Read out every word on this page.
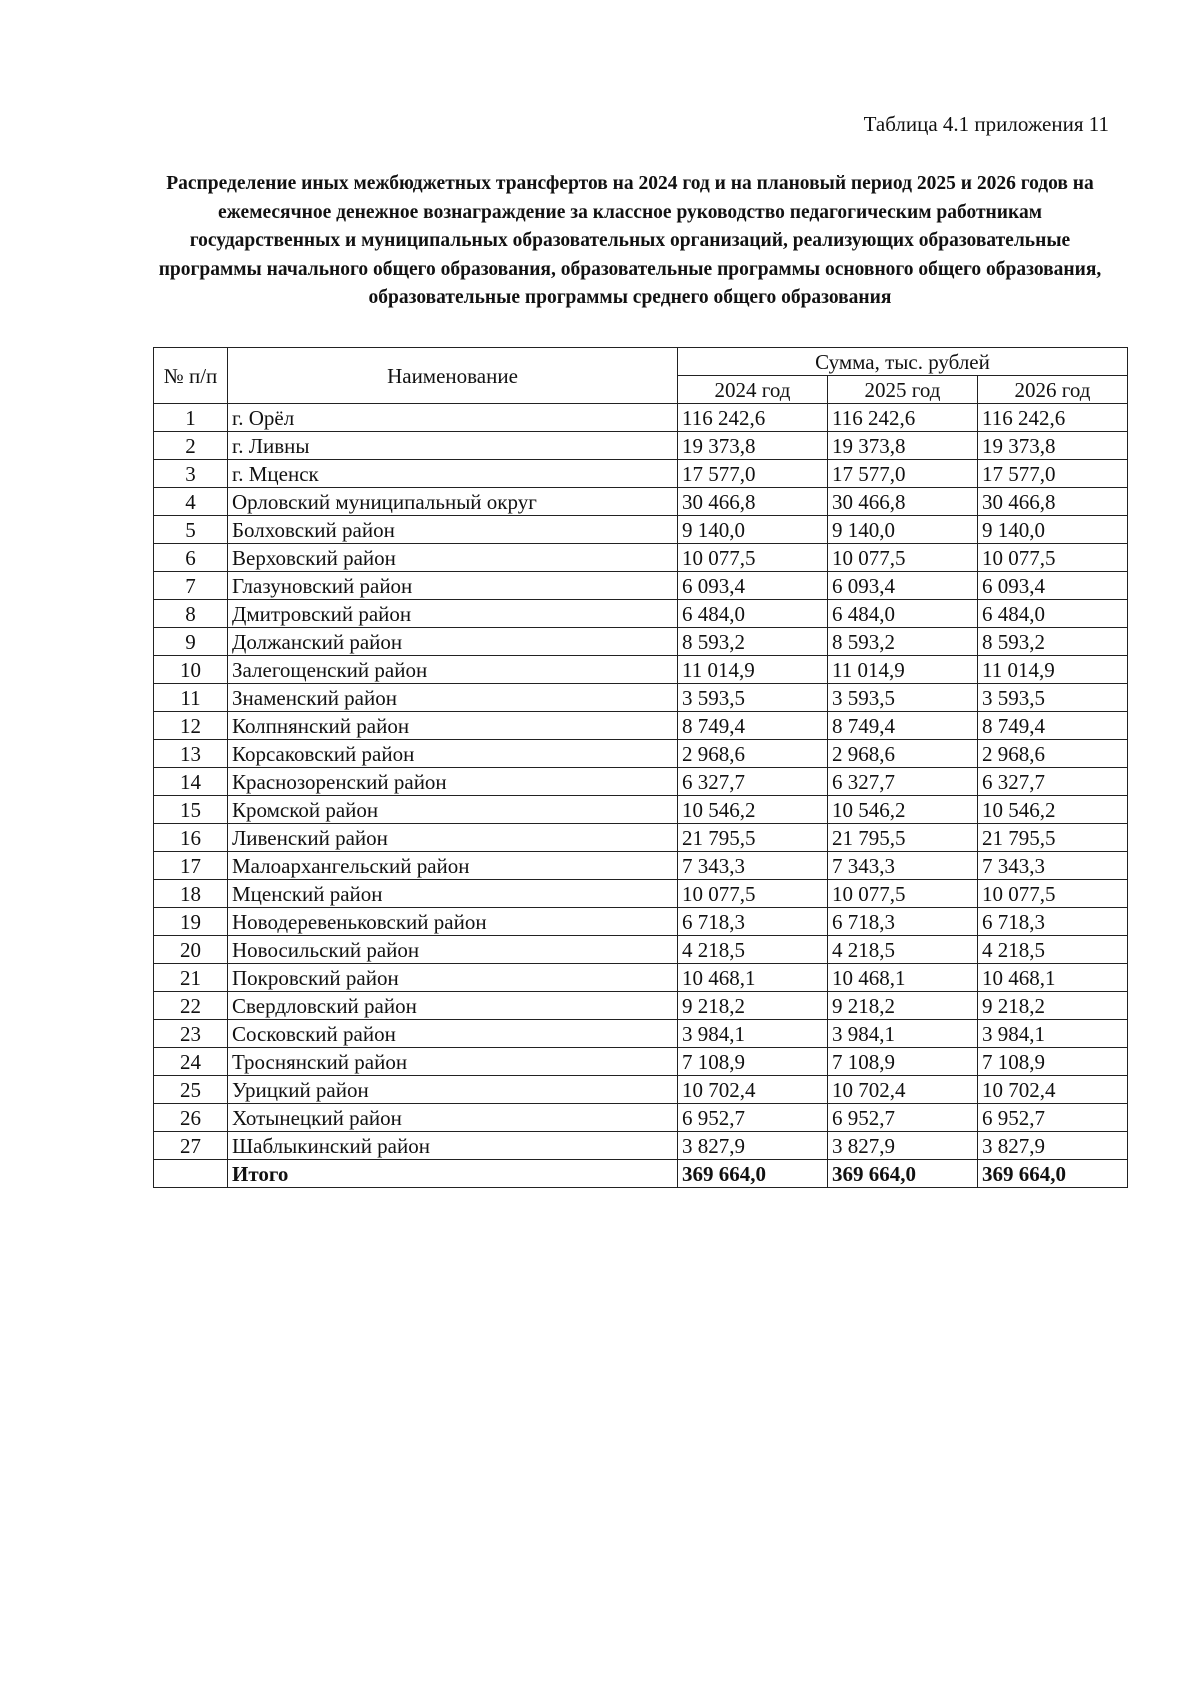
Таблица 4.1 приложения 11

Распределение иных межбюджетных трансфертов на 2024 год и на плановый период 2025 и 2026 годов на ежемесячное денежное вознаграждение за классное руководство педагогическим работникам государственных и муниципальных образовательных организаций, реализующих образовательные программы начального общего образования, образовательные программы основного общего образования, образовательные программы среднего общего образования

№ п/п	Наименование	Сумма, тыс. рублей		
		2024 год	2025 год	2026 год
1	г. Орёл	116 242,6	116 242,6	116 242,6
2	г. Ливны	19 373,8	19 373,8	19 373,8
3	г. Мценск	17 577,0	17 577,0	17 577,0
4	Орловский муниципальный округ	30 466,8	30 466,8	30 466,8
5	Болховский район	9 140,0	9 140,0	9 140,0
6	Верховский район	10 077,5	10 077,5	10 077,5
7	Глазуновский район	6 093,4	6 093,4	6 093,4
8	Дмитровский район	6 484,0	6 484,0	6 484,0
9	Должанский район	8 593,2	8 593,2	8 593,2
10	Залегощенский район	11 014,9	11 014,9	11 014,9
11	Знаменский район	3 593,5	3 593,5	3 593,5
12	Колпнянский район	8 749,4	8 749,4	8 749,4
13	Корсаковский район	2 968,6	2 968,6	2 968,6
14	Краснозоренский район	6 327,7	6 327,7	6 327,7
15	Кромской район	10 546,2	10 546,2	10 546,2
16	Ливенский район	21 795,5	21 795,5	21 795,5
17	Малоархангельский район	7 343,3	7 343,3	7 343,3
18	Мценский район	10 077,5	10 077,5	10 077,5
19	Новодеревеньковский район	6 718,3	6 718,3	6 718,3
20	Новосильский район	4 218,5	4 218,5	4 218,5
21	Покровский район	10 468,1	10 468,1	10 468,1
22	Свердловский район	9 218,2	9 218,2	9 218,2
23	Сосковский район	3 984,1	3 984,1	3 984,1
24	Троснянский район	7 108,9	7 108,9	7 108,9
25	Урицкий район	10 702,4	10 702,4	10 702,4
26	Хотынецкий район	6 952,7	6 952,7	6 952,7
27	Шаблыкинский район	3 827,9	3 827,9	3 827,9
	Итого	369 664,0	369 664,0	369 664,0
